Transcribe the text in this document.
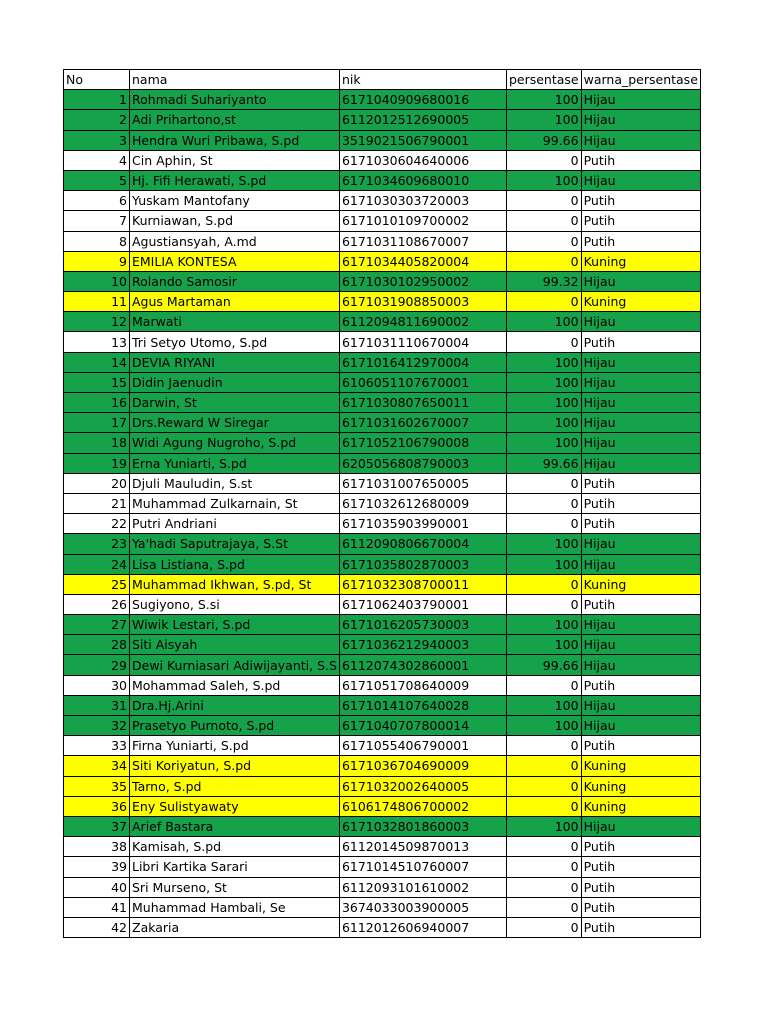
No	nama	nik	persentase	warna_persentase
1	Rohmadi Suhariyanto	6171040909680016	100	Hijau
2	Adi Prihartono,st	6112012512690005	100	Hijau
3	Hendra Wuri Pribawa, S.pd	3519021506790001	99.66	Hijau
4	Cin Aphin, St	6171030604640006	0	Putih
5	Hj. Fifi Herawati, S.pd	6171034609680010	100	Hijau
6	Yuskam Mantofany	6171030303720003	0	Putih
7	Kurniawan, S.pd	6171010109700002	0	Putih
8	Agustiansyah, A.md	6171031108670007	0	Putih
9	EMILIA KONTESA	6171034405820004	0	Kuning
10	Rolando Samosir	6171030102950002	99.32	Hijau
11	Agus Martaman	6171031908850003	0	Kuning
12	Marwati	6112094811690002	100	Hijau
13	Tri Setyo Utomo, S.pd	6171031110670004	0	Putih
14	DEVIA RIYANI	6171016412970004	100	Hijau
15	Didin Jaenudin	6106051107670001	100	Hijau
16	Darwin, St	6171030807650011	100	Hijau
17	Drs.Reward W Siregar	6171031602670007	100	Hijau
18	Widi Agung Nugroho, S.pd	6171052106790008	100	Hijau
19	Erna Yuniarti, S.pd	6205056808790003	99.66	Hijau
20	Djuli Mauludin, S.st	6171031007650005	0	Putih
21	Muhammad Zulkarnain, St	6171032612680009	0	Putih
22	Putri Andriani	6171035903990001	0	Putih
23	Ya'hadi Saputrajaya, S.St	6112090806670004	100	Hijau
24	Lisa Listiana, S.pd	6171035802870003	100	Hijau
25	Muhammad Ikhwan, S.pd, St	6171032308700011	0	Kuning
26	Sugiyono, S.si	6171062403790001	0	Putih
27	Wiwik Lestari, S.pd	6171016205730003	100	Hijau
28	Siti Aisyah	6171036212940003	100	Hijau
29	Dewi Kurniasari Adiwijayanti, S.S	6112074302860001	99.66	Hijau
30	Mohammad Saleh, S.pd	6171051708640009	0	Putih
31	Dra.Hj.Arini	6171014107640028	100	Hijau
32	Prasetyo Purnoto, S.pd	6171040707800014	100	Hijau
33	Firna Yuniarti, S.pd	6171055406790001	0	Putih
34	Siti Koriyatun, S.pd	6171036704690009	0	Kuning
35	Tarno, S.pd	6171032002640005	0	Kuning
36	Eny Sulistyawaty	6106174806700002	0	Kuning
37	Arief Bastara	6171032801860003	100	Hijau
38	Kamisah, S.pd	6112014509870013	0	Putih
39	Libri Kartika Sarari	6171014510760007	0	Putih
40	Sri Murseno, St	6112093101610002	0	Putih
41	Muhammad Hambali, Se	3674033003900005	0	Putih
42	Zakaria	6112012606940007	0	Putih
